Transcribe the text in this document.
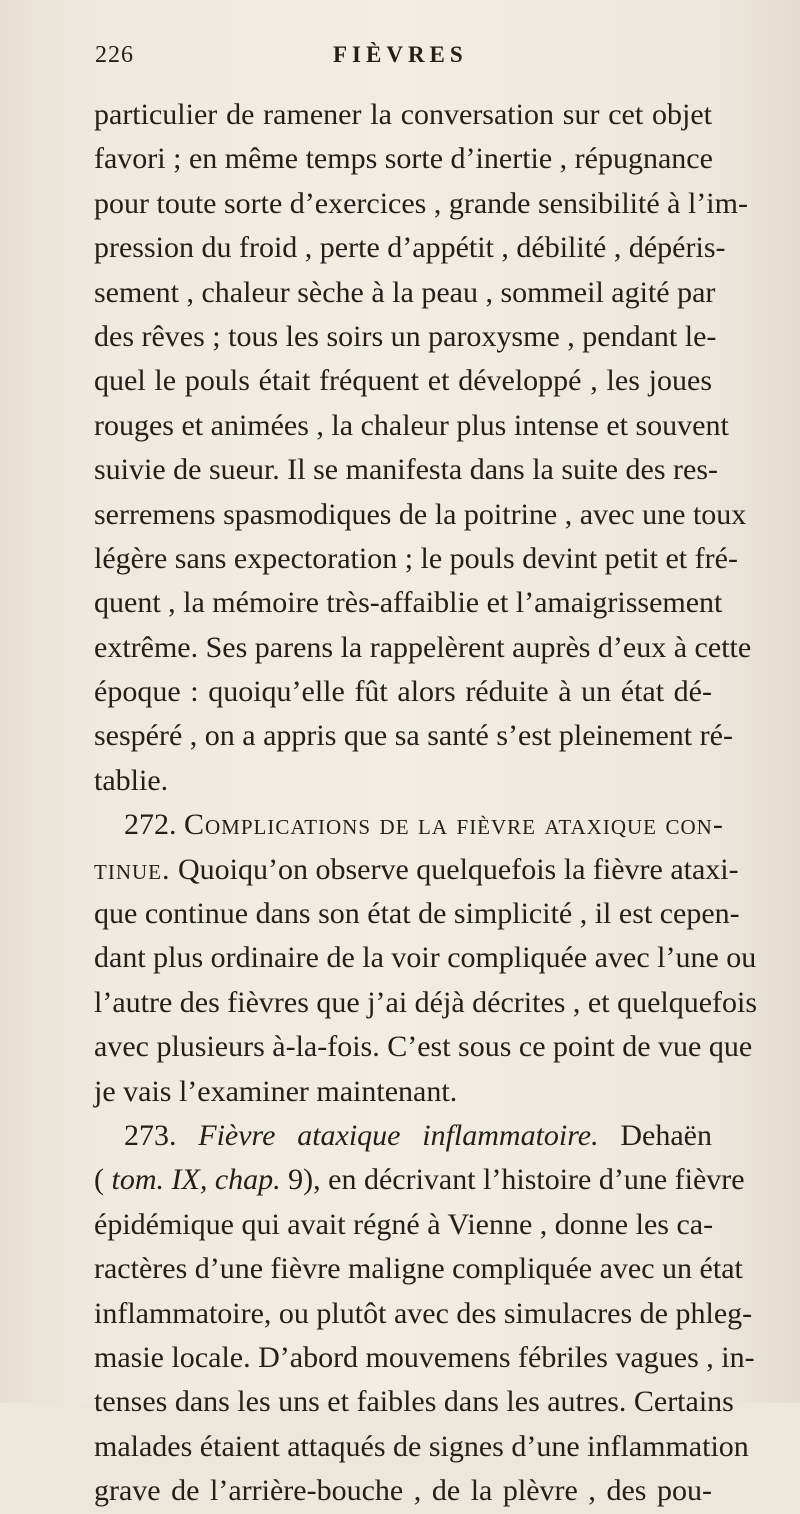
226	FIÈVRES
particulier de ramener la conversation sur cet objet
favori ; en même temps sorte d’inertie , répugnance
pour toute sorte d’exercices , grande sensibilité à l’im-
pression du froid , perte d’appétit , débilité , dépéris-
sement , chaleur sèche à la peau , sommeil agité par
des rêves ; tous les soirs un paroxysme , pendant le-
quel le pouls était fréquent et développé , les joues
rouges et animées , la chaleur plus intense et souvent
suivie de sueur. Il se manifesta dans la suite des res-
serremens spasmodiques de la poitrine , avec une toux
légère sans expectoration ; le pouls devint petit et fré-
quent , la mémoire très-affaiblie et l’amaigrissement
extrême. Ses parens la rappelèrent auprès d’eux à cette
époque : quoiqu’elle fût alors réduite à un état dé-
sespéré , on a appris que sa santé s’est pleinement ré-
tablie.
272. Complications de la fièvre ataxique con-
tinue. Quoiqu’on observe quelquefois la fièvre ataxi-
que continue dans son état de simplicité , il est cepen-
dant plus ordinaire de la voir compliquée avec l’une ou
l’autre des fièvres que j’ai déjà décrites , et quelquefois
avec plusieurs à-la-fois. C’est sous ce point de vue que
je vais l’examiner maintenant.
273. Fièvre ataxique inflammatoire. Dehaën
( tom. IX, chap. 9), en décrivant l’histoire d’une fièvre
épidémique qui avait régné à Vienne , donne les ca-
ractères d’une fièvre maligne compliquée avec un état
inflammatoire, ou plutôt avec des simulacres de phleg-
masie locale. D’abord mouvemens fébriles vagues , in-
tenses dans les uns et faibles dans les autres. Certains
malades étaient attaqués de signes d’une inflammation
grave de l’arrière-bouche , de la plèvre , des pou-
